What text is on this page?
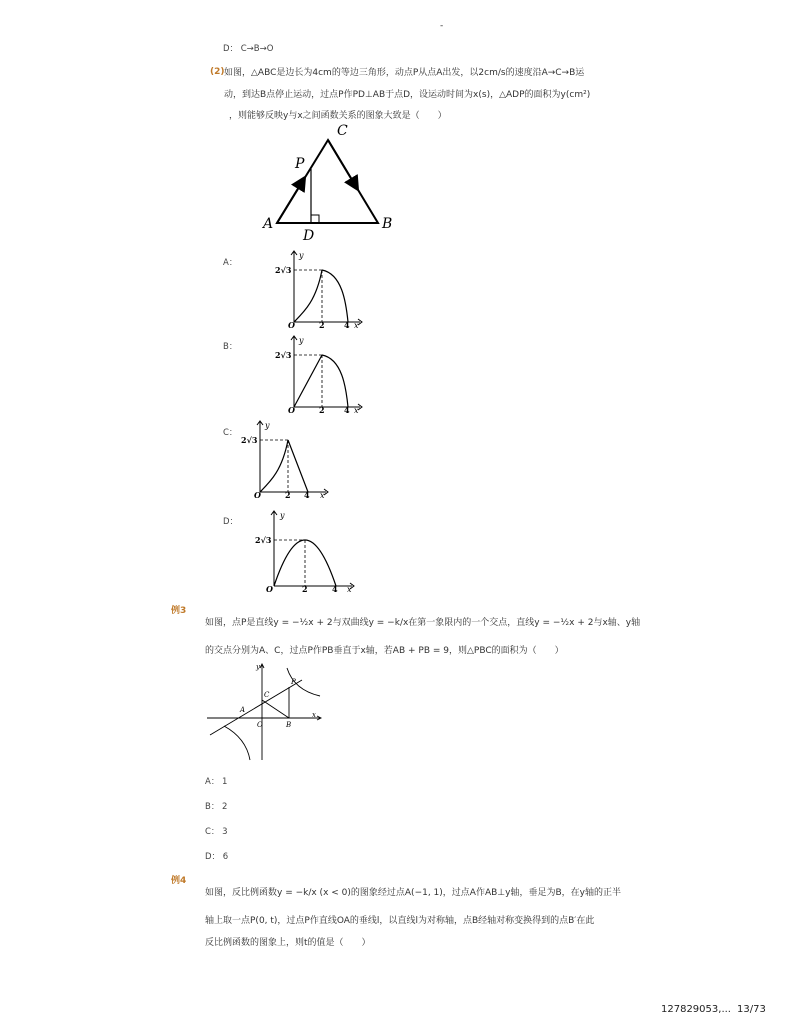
-
D： C→B→O
(2) 如图，△ABC是边长为4cm的等边三角形，动点P从点A出发，以2cm/s的速度沿A→C→B运
动，到达B点停止运动，过点P作PD⊥AB于点D，设运动时间为x(s)，△ADP的面积为y(cm²)
，则能够反映y与x之间函数关系的图象大致是（　　）
C
P
A	B
D
A：
y
2√3
O	2 4 x
B：
y
2√3
O	2 4 x
C：
y
2√3
O	2 4 x
D：
y
2√3
O	2	4 x
例3
如图，点P是直线y = −½x + 2与双曲线y = −k/x在第一象限内的一个交点，直线y = −½x + 2与x轴、y轴
的交点分别为A、C，过点P作PB垂直于x轴，若AB + PB = 9，则△PBC的面积为（　　）
y
x
A
O	B
C
P
A： 1
B： 2
C： 3
D： 6
例4
如图，反比例函数y = −k/x (x < 0)的图象经过点A(−1, 1)，过点A作AB⊥y轴，垂足为B，在y轴的正半
轴上取一点P(0, t)，过点P作直线OA的垂线l，以直线l为对称轴，点B经轴对称变换得到的点B′在此
反比例函数的图象上，则t的值是（　　）
127829053,... 13/73
